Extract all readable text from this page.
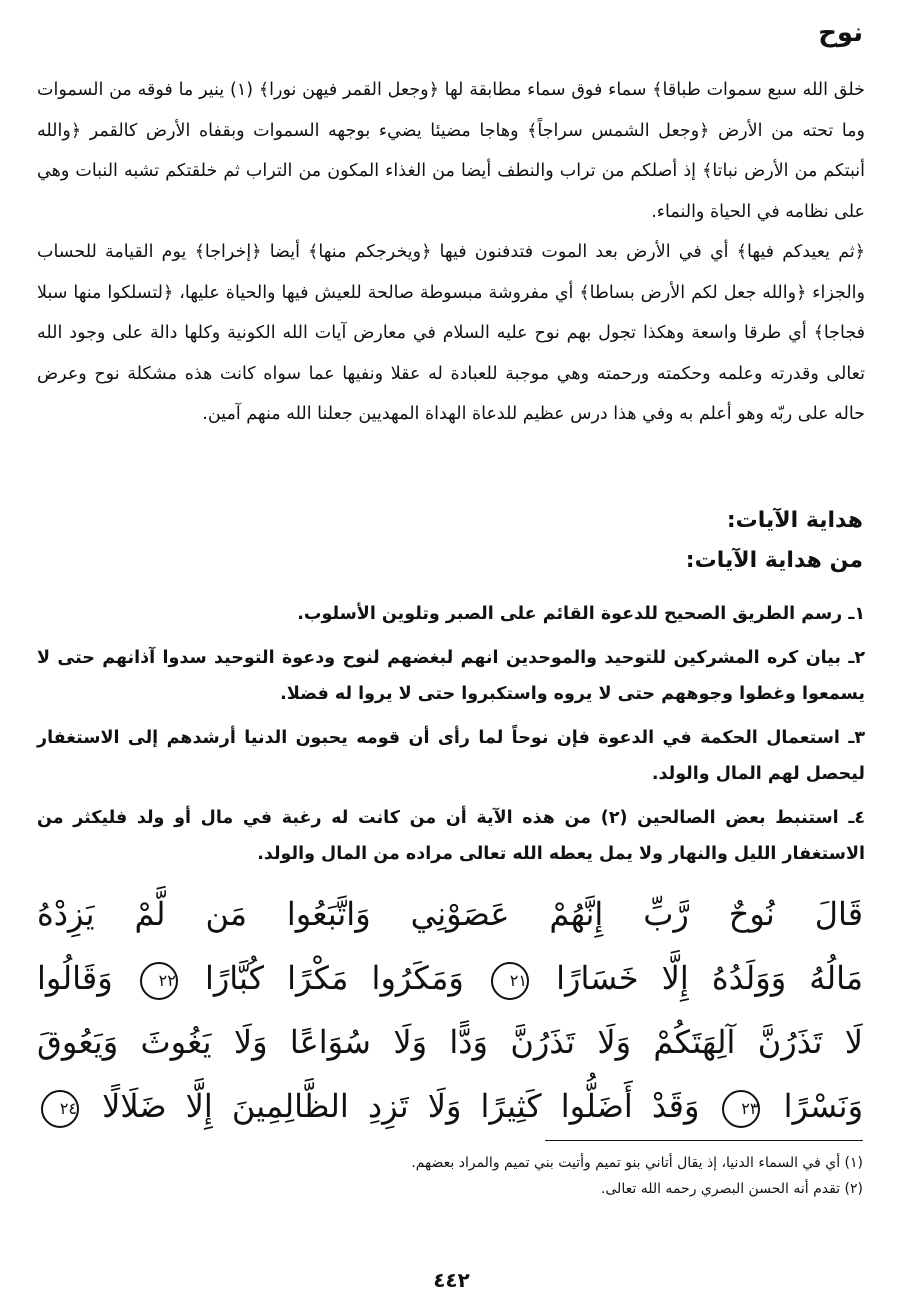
نوح

خلق الله سبع سموات طباقا﴾ سماء فوق سماء مطابقة لها ﴿وجعل القمر فيهن نورا﴾ (١) ينير ما فوقه من السموات وما تحته من الأرض ﴿وجعل الشمس سراجاً﴾ وهاجا مضيئا يضيء بوجهه السموات وبقفاه الأرض كالقمر ﴿والله أنبتكم من الأرض نباتا﴾ إذ أصلكم من تراب والنطف أيضا من الغذاء المكون من التراب ثم خلقتكم تشبه النبات وهي على نظامه في الحياة والنماء.

﴿ثم يعيدكم فيها﴾ أي في الأرض بعد الموت فتدفنون فيها ﴿ويخرجكم منها﴾ أيضا ﴿إخراجا﴾ يوم القيامة للحساب والجزاء ﴿والله جعل لكم الأرض بساطا﴾ أي مفروشة مبسوطة صالحة للعيش فيها والحياة عليها، ﴿لتسلكوا منها سبلا فجاجا﴾ أي طرقا واسعة وهكذا تجول بهم نوح عليه السلام في معارض آيات الله الكونية وكلها دالة على وجود الله تعالى وقدرته وعلمه وحكمته ورحمته وهي موجبة للعبادة له عقلا ونفيها عما سواه كانت هذه مشكلة نوح وعرض حاله على ربّه وهو أعلم به وفي هذا درس عظيم للدعاة الهداة المهديين جعلنا الله منهم آمين.

هداية الآيات:
من هداية الآيات:

١ـ رسم الطريق الصحيح للدعوة القائم على الصبر وتلوين الأسلوب.

٢ـ بيان كره المشركين للتوحيد والموحدين انهم لبغضهم لنوح ودعوة التوحيد سدوا آذانهم حتى لا يسمعوا وغطوا وجوههم حتى لا يروه واستكبروا حتى لا يروا له فضلا.

٣ـ استعمال الحكمة في الدعوة فإن نوحاً لما رأى أن قومه يحبون الدنيا أرشدهم إلى الاستغفار ليحصل لهم المال والولد.

٤ـ استنبط بعض الصالحين (٢) من هذه الآية أن من كانت له رغبة في مال أو ولد فليكثر من الاستغفار الليل والنهار ولا يمل يعطه الله تعالى مراده من المال والولد.

قَالَ نُوحٌ رَّبِّ إِنَّهُمْ عَصَوْنِي وَاتَّبَعُوا مَن لَّمْ يَزِدْهُ
مَالُهُ وَوَلَدُهُ إِلَّا خَسَارًا ٢١ وَمَكَرُوا مَكْرًا كُبَّارًا ٢٢ وَقَالُوا
لَا تَذَرُنَّ آلِهَتَكُمْ وَلَا تَذَرُنَّ وَدًّا وَلَا سُوَاعًا وَلَا يَغُوثَ وَيَعُوقَ
وَنَسْرًا ٢٣ وَقَدْ أَضَلُّوا كَثِيرًا وَلَا تَزِدِ الظَّالِمِينَ إِلَّا ضَلَالًا ٢٤

(١) أي في السماء الدنيا، إذ يقال أتاني بنو تميم وأتيت بني تميم والمراد بعضهم.

(٢) تقدم أنه الحسن البصري رحمه الله تعالى.

٤٤٢
